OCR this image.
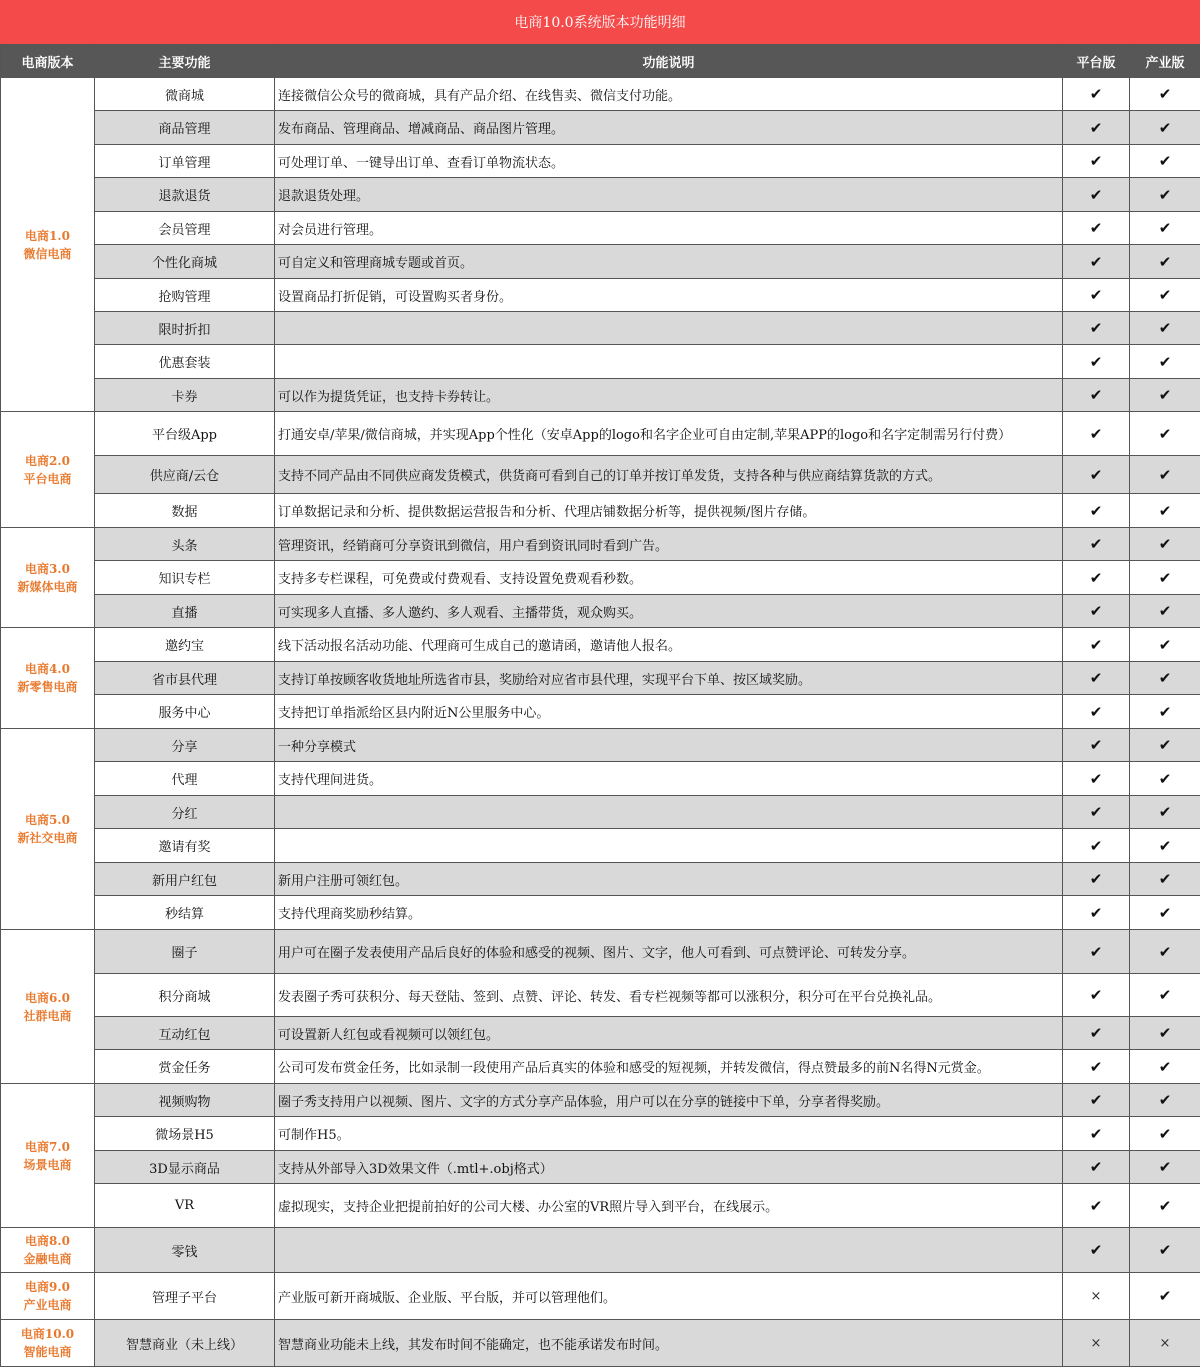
电商10.0系统版本功能明细
电商版本	主要功能	功能说明	平台版	产业版

电商1.0
微信电商	微商城	连接微信公众号的微商城，具有产品介绍、在线售卖、微信支付功能。	✔	✔
	商品管理	发布商品、管理商品、增减商品、商品图片管理。	✔	✔
	订单管理	可处理订单、一键导出订单、查看订单物流状态。	✔	✔
	退款退货	退款退货处理。	✔	✔
	会员管理	对会员进行管理。	✔	✔
	个性化商城	可自定义和管理商城专题或首页。	✔	✔
	抢购管理	设置商品打折促销，可设置购买者身份。	✔	✔
	限时折扣		✔	✔
	优惠套装		✔	✔
	卡券	可以作为提货凭证，也支持卡券转让。	✔	✔

电商2.0
平台电商	平台级App	打通安卓/苹果/微信商城，并实现App个性化（安卓App的logo和名字企业可自由定制,苹果APP的logo和名字定制需另行付费）	✔	✔
	供应商/云仓	支持不同产品由不同供应商发货模式，供货商可看到自己的订单并按订单发货，支持各种与供应商结算货款的方式。	✔	✔
	数据	订单数据记录和分析、提供数据运营报告和分析、代理店铺数据分析等，提供视频/图片存储。	✔	✔

电商3.0
新媒体电商	头条	管理资讯，经销商可分享资讯到微信，用户看到资讯同时看到广告。	✔	✔
	知识专栏	支持多专栏课程，可免费或付费观看、支持设置免费观看秒数。	✔	✔
	直播	可实现多人直播、多人邀约、多人观看、主播带货，观众购买。	✔	✔

电商4.0
新零售电商	邀约宝	线下活动报名活动功能、代理商可生成自己的邀请函，邀请他人报名。	✔	✔
	省市县代理	支持订单按顾客收货地址所选省市县，奖励给对应省市县代理，实现平台下单、按区域奖励。	✔	✔
	服务中心	支持把订单指派给区县内附近N公里服务中心。	✔	✔

电商5.0
新社交电商	分享	一种分享模式	✔	✔
	代理	支持代理间进货。	✔	✔
	分红		✔	✔
	邀请有奖		✔	✔
	新用户红包	新用户注册可领红包。	✔	✔
	秒结算	支持代理商奖励秒结算。	✔	✔

电商6.0
社群电商	圈子	用户可在圈子发表使用产品后良好的体验和感受的视频、图片、文字，他人可看到、可点赞评论、可转发分享。	✔	✔
	积分商城	发表圈子秀可获积分、每天登陆、签到、点赞、评论、转发、看专栏视频等都可以涨积分，积分可在平台兑换礼品。	✔	✔
	互动红包	可设置新人红包或看视频可以领红包。	✔	✔
	赏金任务	公司可发布赏金任务，比如录制一段使用产品后真实的体验和感受的短视频，并转发微信，得点赞最多的前N名得N元赏金。	✔	✔

电商7.0
场景电商	视频购物	圈子秀支持用户以视频、图片、文字的方式分享产品体验，用户可以在分享的链接中下单，分享者得奖励。	✔	✔
	微场景H5	可制作H5。	✔	✔
	3D显示商品	支持从外部导入3D效果文件（.mtl+.obj格式）	✔	✔
	VR	虚拟现实，支持企业把提前拍好的公司大楼、办公室的VR照片导入到平台，在线展示。	✔	✔

电商8.0
金融电商	零钱		✔	✔

电商9.0
产业电商	管理子平台	产业版可新开商城版、企业版、平台版，并可以管理他们。	×	✔

电商10.0
智能电商	智慧商业（未上线）	智慧商业功能未上线，其发布时间不能确定，也不能承诺发布时间。	×	×
